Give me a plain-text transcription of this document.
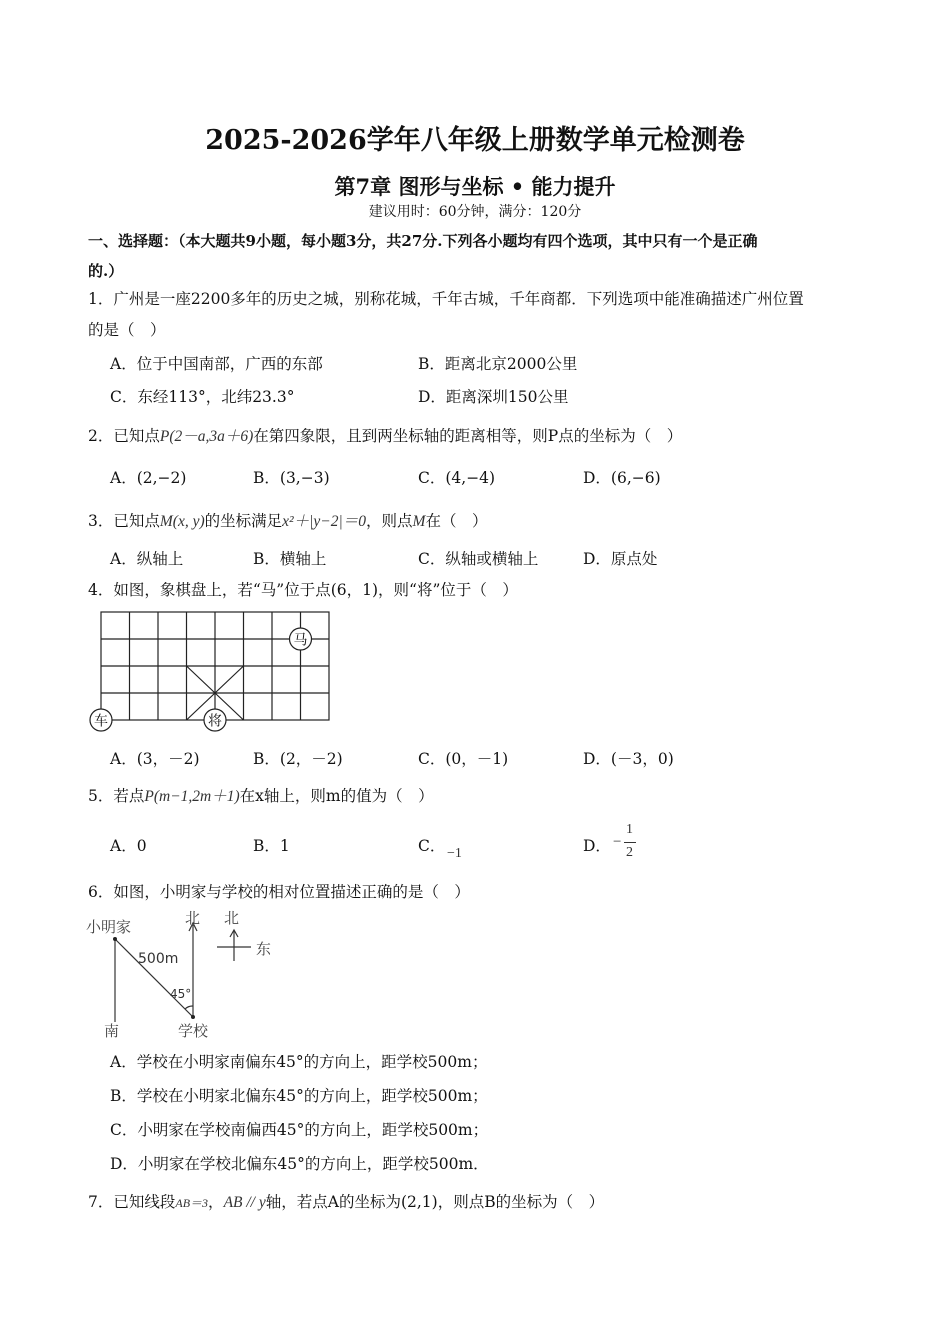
2025-2026学年八年级上册数学单元检测卷
第7章 图形与坐标 • 能力提升
建议用时：60分钟，满分：120分
一、选择题：（本大题共9小题，每小题3分，共27分.下列各小题均有四个选项，其中只有一个是正确
的.）
1．广州是一座2200多年的历史之城，别称花城，千年古城，千年商都．下列选项中能准确描述广州位置
的是（　）
A．位于中国南部，广西的东部	B．距离北京2000公里
C．东经113°，北纬23.3°	D．距离深圳150公里
2．已知点P(2－a,3a＋6)在第四象限，且到两坐标轴的距离相等，则P点的坐标为（　）
A．(2,−2)	B．(3,−3)	C．(4,−4)	D．(6,−6)
3．已知点M(x, y)的坐标满足x²＋|y−2|＝0，则点M在（　）
A．纵轴上	B．横轴上	C．纵轴或横轴上	D．原点处
4．如图，象棋盘上，若“马”位于点(6，1)，则“将”位于（　）
马
车	将
A．(3，－2)	B．(2，－2)	C．(0，－1)	D．(－3，0)
5．若点P(m−1,2m＋1)在x轴上，则m的值为（　）
A．0	B．1	C． −1	D． −
1
2
6．如图，小明家与学校的相对位置描述正确的是（　）
小明家	北 北
东
500m
45°
南	学校
A．学校在小明家南偏东45°的方向上，距学校500m；
B．学校在小明家北偏东45°的方向上，距学校500m；
C．小明家在学校南偏西45°的方向上，距学校500m；
D．小明家在学校北偏东45°的方向上，距学校500m．
7．已知线段AB＝3，AB // y轴，若点A的坐标为(2,1)，则点B的坐标为（　）
